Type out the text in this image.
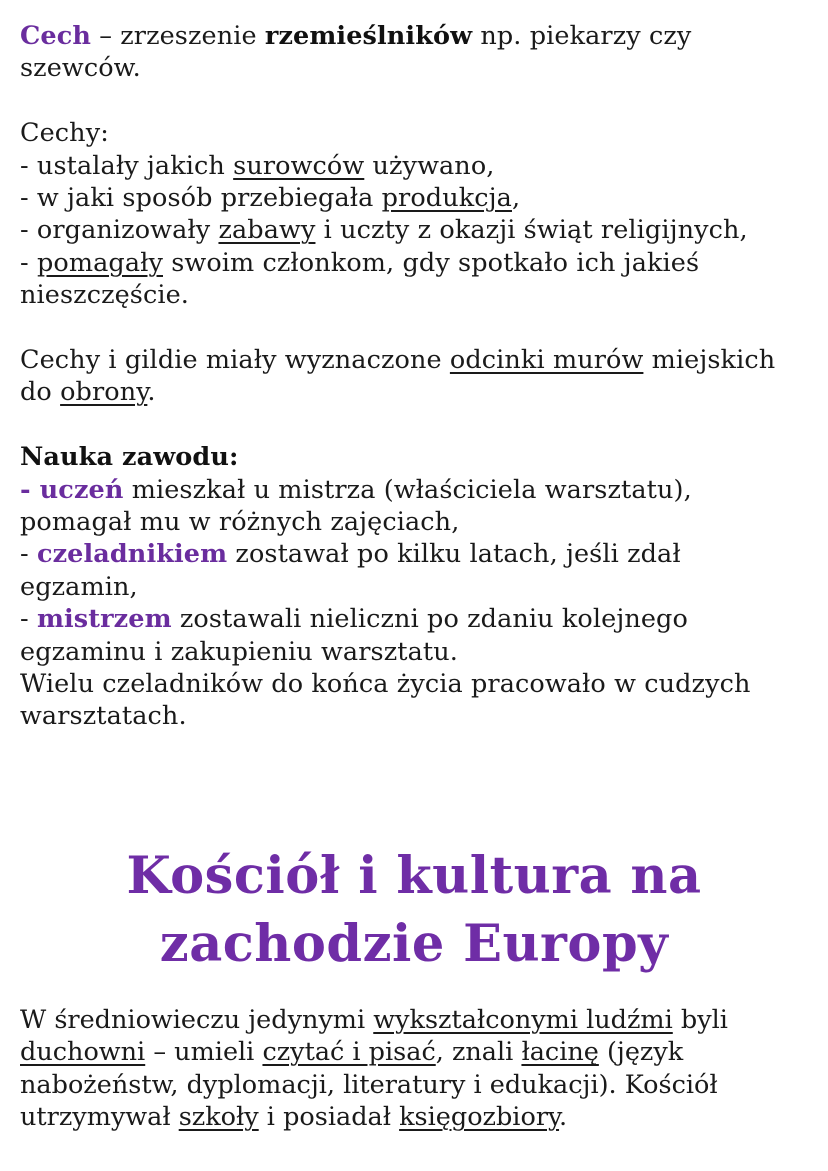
Cech – zrzeszenie rzemieślników np. piekarzy czy
szewców.

Cechy:
- ustalały jakich surowców używano,
- w jaki sposób przebiegała produkcja,
- organizowały zabawy i uczty z okazji świąt religijnych,
- pomagały swoim członkom, gdy spotkało ich jakieś
nieszczęście.

Cechy i gildie miały wyznaczone odcinki murów miejskich
do obrony.

Nauka zawodu:
- uczeń mieszkał u mistrza (właściciela warsztatu),
pomagał mu w różnych zajęciach,
- czeladnikiem zostawał po kilku latach, jeśli zdał
egzamin,
- mistrzem zostawali nieliczni po zdaniu kolejnego
egzaminu i zakupieniu warsztatu.
Wielu czeladników do końca życia pracowało w cudzych
warsztatach.

Kościół i kultura na
zachodzie Europy
W średniowieczu jedynymi wykształconymi ludźmi byli
duchowni – umieli czytać i pisać, znali łacinę (język
nabożeństw, dyplomacji, literatury i edukacji). Kościół
utrzymywał szkoły i posiadał księgozbiory.
